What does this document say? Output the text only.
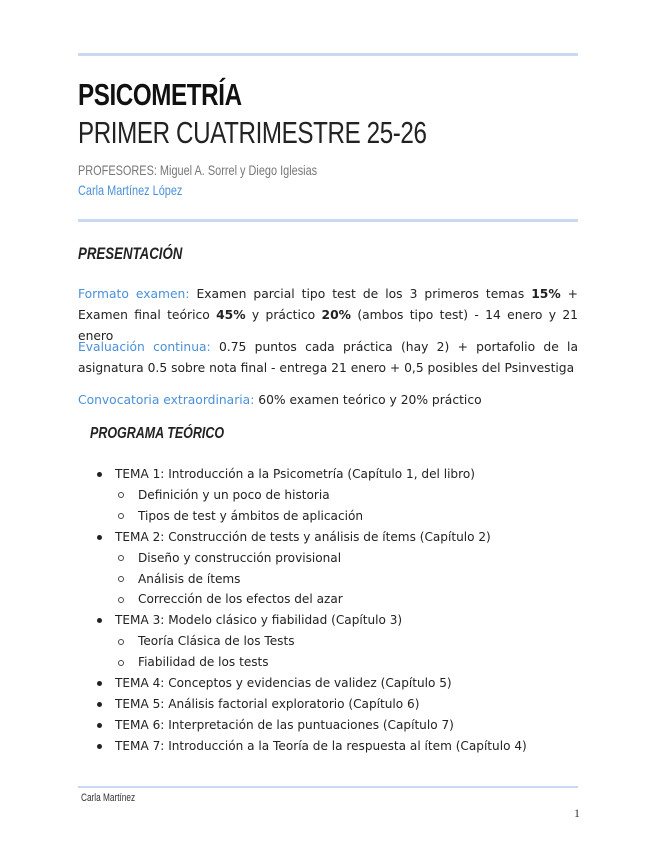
PSICOMETRÍA
PRIMER CUATRIMESTRE 25-26
PROFESORES: Miguel A. Sorrel y Diego Iglesias
Carla Martínez López
PRESENTACIÓN
Formato examen: Examen parcial tipo test de los 3 primeros temas 15% + Examen final teórico 45% y práctico 20% (ambos tipo test) - 14 enero y 21 enero
Evaluación continua: 0.75 puntos cada práctica (hay 2) + portafolio de la asignatura 0.5 sobre nota final - entrega 21 enero + 0,5 posibles del Psinvestiga
Convocatoria extraordinaria: 60% examen teórico y 20% práctico
PROGRAMA TEÓRICO
TEMA 1: Introducción a la Psicometría (Capítulo 1, del libro)
Definición y un poco de historia
Tipos de test y ámbitos de aplicación
TEMA 2: Construcción de tests y análisis de ítems (Capítulo 2)
Diseño y construcción provisional
Análisis de ítems
Corrección de los efectos del azar
TEMA 3: Modelo clásico y fiabilidad (Capítulo 3)
Teoría Clásica de los Tests
Fiabilidad de los tests
TEMA 4: Conceptos y evidencias de validez (Capítulo 5)
TEMA 5: Análisis factorial exploratorio (Capítulo 6)
TEMA 6: Interpretación de las puntuaciones (Capítulo 7)
TEMA 7: Introducción a la Teoría de la respuesta al ítem (Capítulo 4)
Carla Martínez
1
